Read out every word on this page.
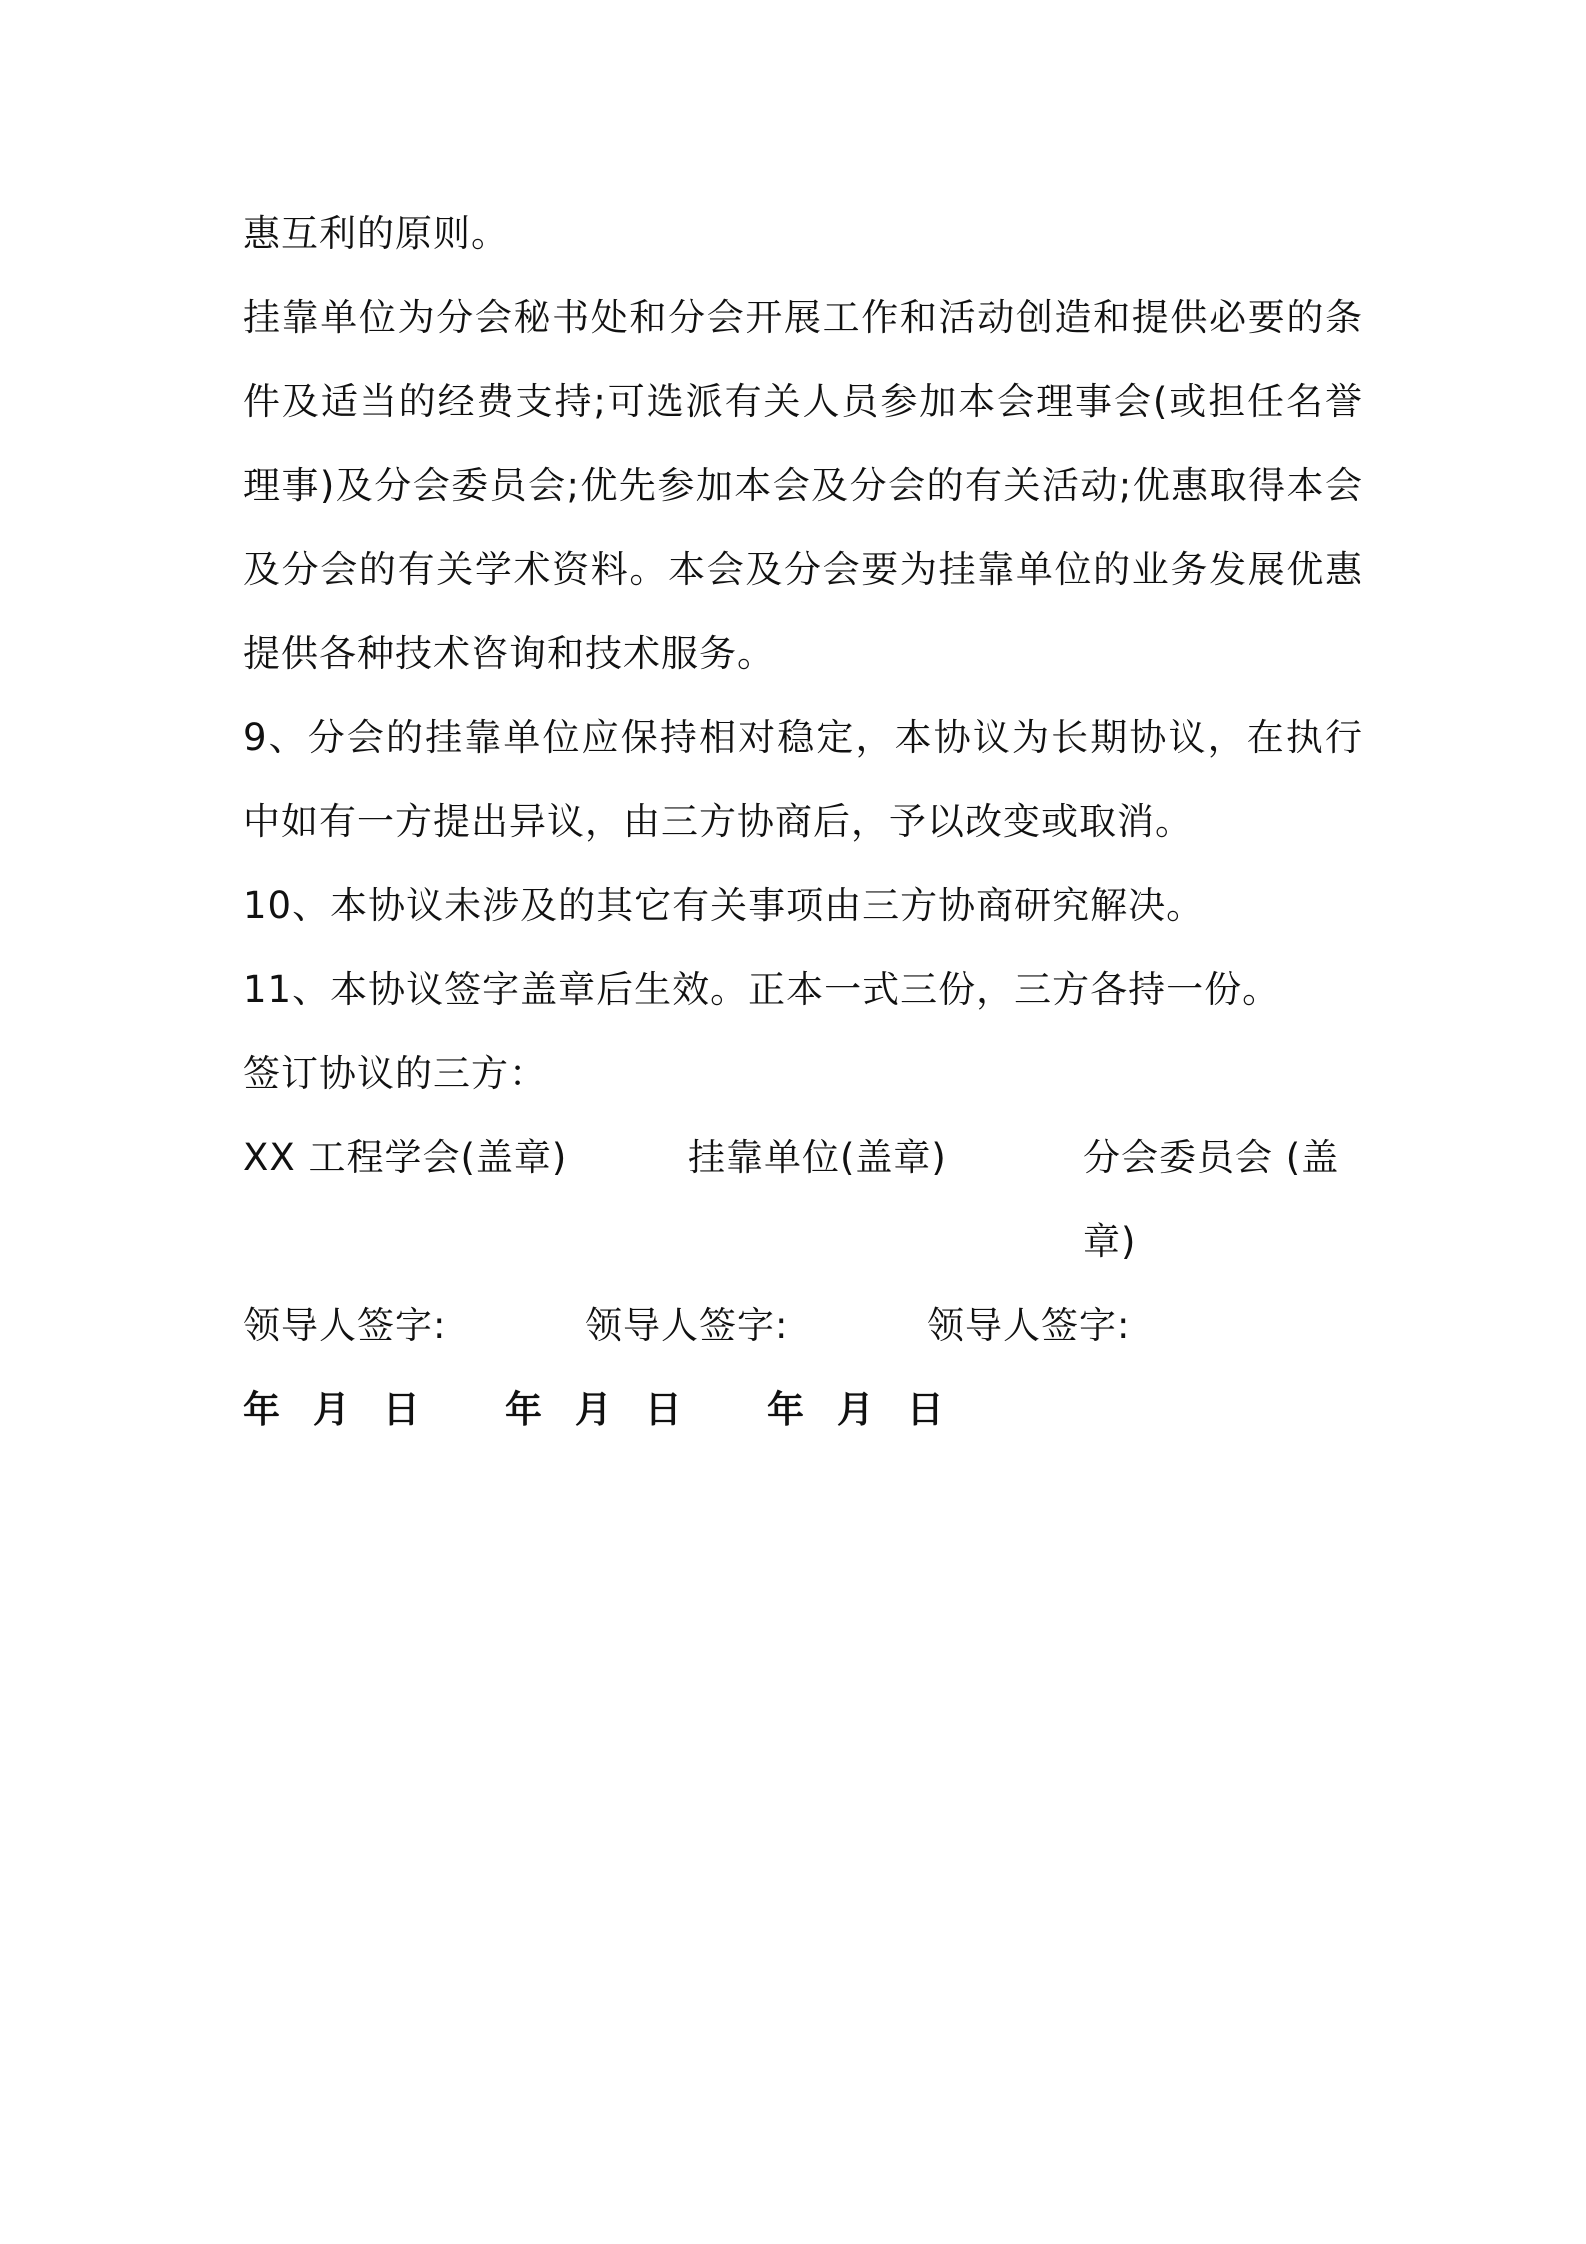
惠互利的原则。

挂靠单位为分会秘书处和分会开展工作和活动创造和提供必要的条件及适当的经费支持;可选派有关人员参加本会理事会(或担任名誉理事)及分会委员会;优先参加本会及分会的有关活动;优惠取得本会及分会的有关学术资料。本会及分会要为挂靠单位的业务发展优惠提供各种技术咨询和技术服务。

9、分会的挂靠单位应保持相对稳定，本协议为长期协议，在执行中如有一方提出异议，由三方协商后，予以改变或取消。

10、本协议未涉及的其它有关事项由三方协商研究解决。

11、本协议签字盖章后生效。正本一式三份，三方各持一份。

签订协议的三方：

XX 工程学会(盖章)	挂靠单位(盖章)	分会委员会 (盖章)
领导人签字:	领导人签字:	领导人签字:
年 月 日	年 月 日	年 月 日
